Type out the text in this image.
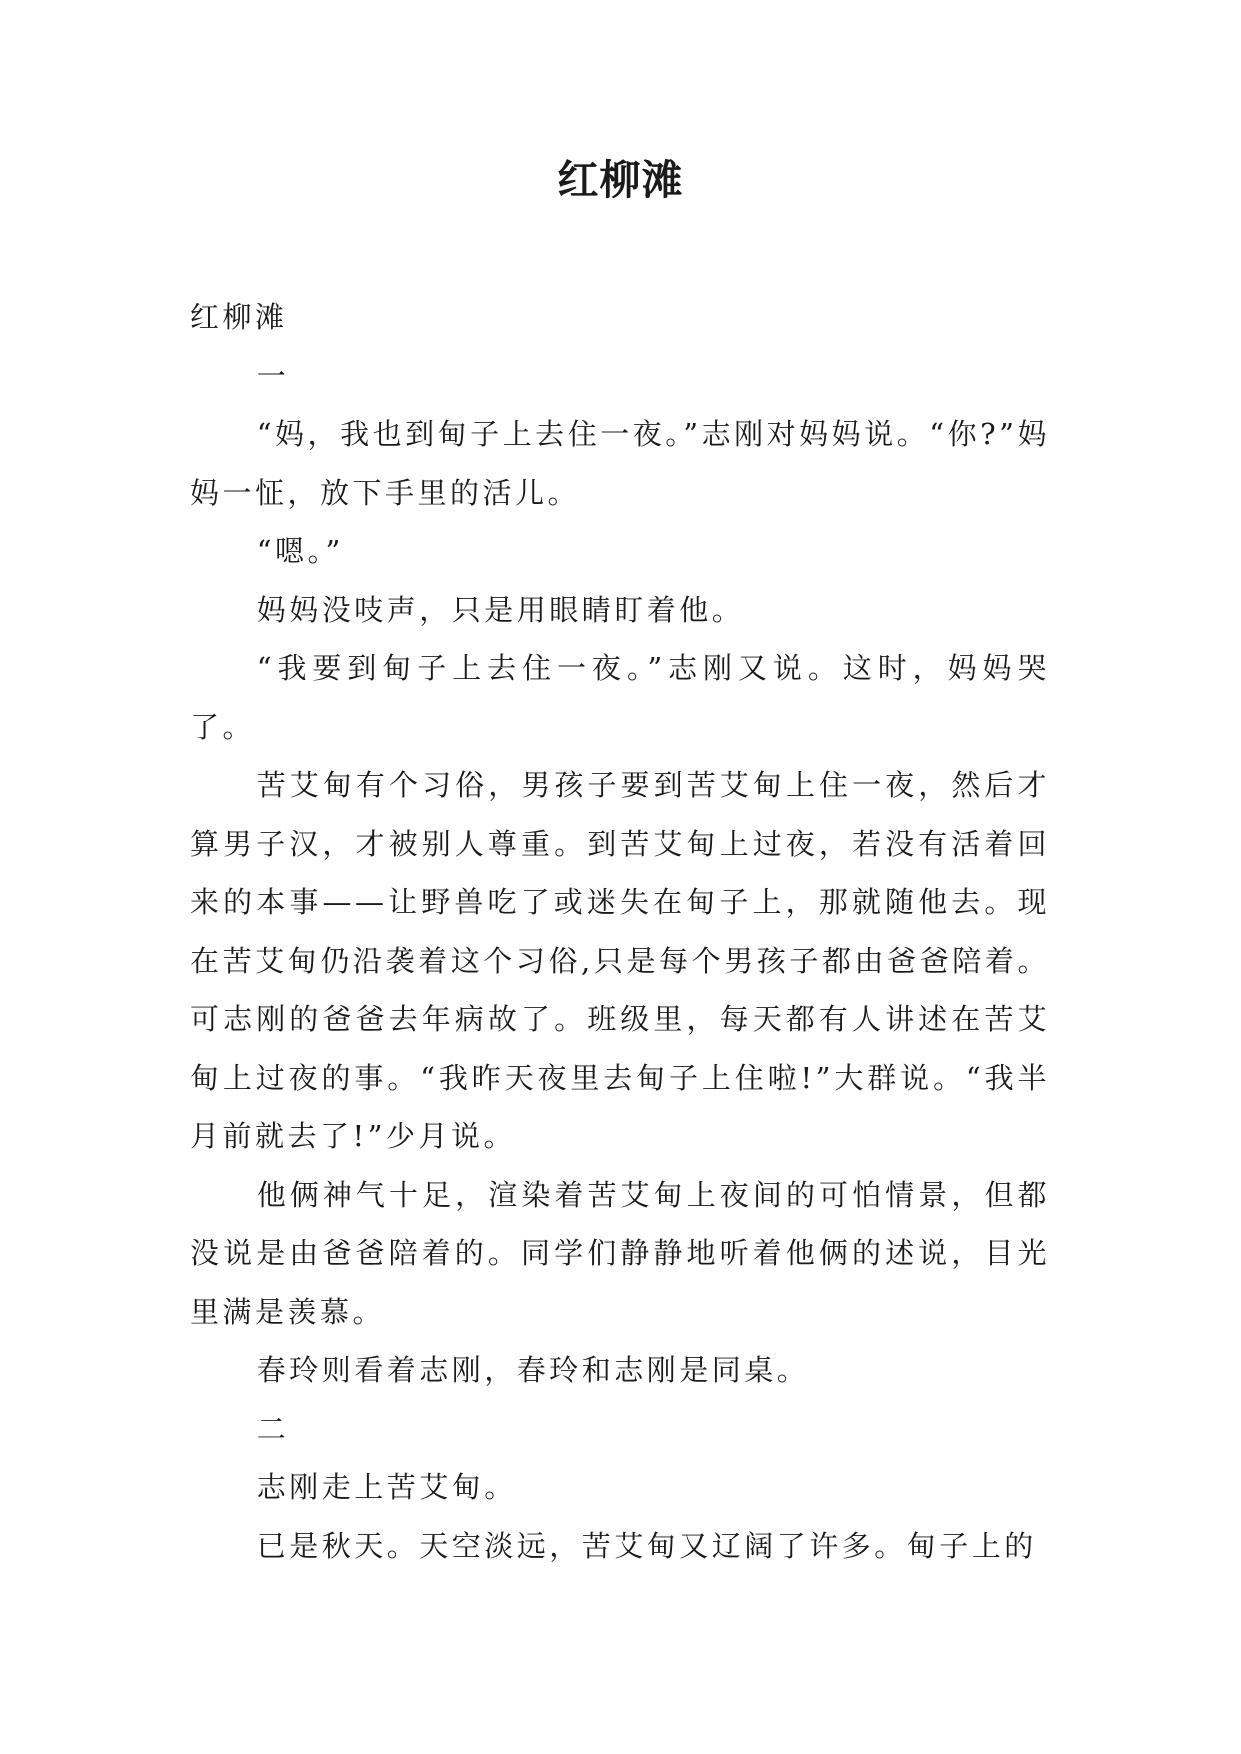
红柳滩

红柳滩

一

“妈，我也到甸子上去住一夜。”志刚对妈妈说。“你?”妈妈一怔，放下手里的活儿。

“嗯。”

妈妈没吱声，只是用眼睛盯着他。

“我要到甸子上去住一夜。”志刚又说。这时，妈妈哭了。

苦艾甸有个习俗，男孩子要到苦艾甸上住一夜，然后才算男子汉，才被别人尊重。到苦艾甸上过夜，若没有活着回来的本事——让野兽吃了或迷失在甸子上，那就随他去。现在苦艾甸仍沿袭着这个习俗,只是每个男孩子都由爸爸陪着。可志刚的爸爸去年病故了。班级里，每天都有人讲述在苦艾甸上过夜的事。“我昨天夜里去甸子上住啦!”大群说。“我半月前就去了!”少月说。

他俩神气十足，渲染着苦艾甸上夜间的可怕情景，但都没说是由爸爸陪着的。同学们静静地听着他俩的述说，目光里满是羡慕。

春玲则看着志刚，春玲和志刚是同桌。

二

志刚走上苦艾甸。

已是秋天。天空淡远，苦艾甸又辽阔了许多。甸子上的
